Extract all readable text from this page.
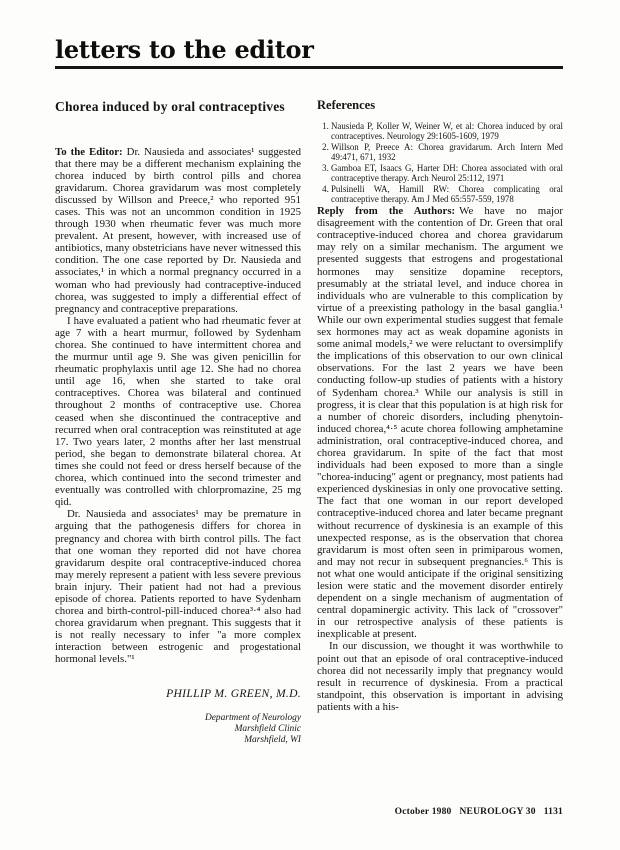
letters to the editor
Chorea induced by oral contraceptives

To the Editor: Dr. Nausieda and associates¹ suggested that there may be a different mechanism explaining the chorea induced by birth control pills and chorea gravidarum. Chorea gravidarum was most completely discussed by Willson and Preece,² who reported 951 cases. This was not an uncommon condition in 1925 through 1930 when rheumatic fever was much more prevalent. At present, however, with increased use of antibiotics, many obstetricians have never witnessed this condition. The one case reported by Dr. Nausieda and associates,¹ in which a normal pregnancy occurred in a woman who had previously had contraceptive-induced chorea, was suggested to imply a differential effect of pregnancy and contraceptive preparations.

I have evaluated a patient who had rheumatic fever at age 7 with a heart murmur, followed by Sydenham chorea. She continued to have intermittent chorea and the murmur until age 9. She was given penicillin for rheumatic prophylaxis until age 12. She had no chorea until age 16, when she started to take oral contraceptives. Chorea was bilateral and continued throughout 2 months of contraceptive use. Chorea ceased when she discontinued the contraceptive and recurred when oral contraception was reinstituted at age 17. Two years later, 2 months after her last menstrual period, she began to demonstrate bilateral chorea. At times she could not feed or dress herself because of the chorea, which continued into the second trimester and eventually was controlled with chlorpromazine, 25 mg qid.

Dr. Nausieda and associates¹ may be premature in arguing that the pathogenesis differs for chorea in pregnancy and chorea with birth control pills. The fact that one woman they reported did not have chorea gravidarum despite oral contraceptive-induced chorea may merely represent a patient with less severe previous brain injury. Their patient had not had a previous episode of chorea. Patients reported to have Sydenham chorea and birth-control-pill-induced chorea³·⁴ also had chorea gravidarum when pregnant. This suggests that it is not really necessary to infer "a more complex interaction between estrogenic and progestational hormonal levels."¹

PHILLIP M. GREEN, M.D.

Department of Neurology
Marshfield Clinic
Marshfield, WI
References
1. Nausieda P, Koller W, Weiner W, et al: Chorea induced by oral contraceptives. Neurology 29:1605-1609, 1979
2. Willson P, Preece A: Chorea gravidarum. Arch Intern Med 49:471, 671, 1932
3. Gamboa ET, Isaacs G, Harter DH: Chorea associated with oral contraceptive therapy. Arch Neurol 25:112, 1971
4. Pulsinelli WA, Hamill RW: Chorea complicating oral contraceptive therapy. Am J Med 65:557-559, 1978

Reply from the Authors: We have no major disagreement with the contention of Dr. Green that oral contraceptive-induced chorea and chorea gravidarum may rely on a similar mechanism. The argument we presented suggests that estrogens and progestational hormones may sensitize dopamine receptors, presumably at the striatal level, and induce chorea in individuals who are vulnerable to this complication by virtue of a preexisting pathology in the basal ganglia.¹ While our own experimental studies suggest that female sex hormones may act as weak dopamine agonists in some animal models,² we were reluctant to oversimplify the implications of this observation to our own clinical observations. For the last 2 years we have been conducting follow-up studies of patients with a history of Sydenham chorea.³ While our analysis is still in progress, it is clear that this population is at high risk for a number of choreic disorders, including phenytoin-induced chorea,⁴·⁵ acute chorea following amphetamine administration, oral contraceptive-induced chorea, and chorea gravidarum. In spite of the fact that most individuals had been exposed to more than a single "chorea-inducing" agent or pregnancy, most patients had experienced dyskinesias in only one provocative setting. The fact that one woman in our report developed contraceptive-induced chorea and later became pregnant without recurrence of dyskinesia is an example of this unexpected response, as is the observation that chorea gravidarum is most often seen in primiparous women, and may not recur in subsequent pregnancies.⁶ This is not what one would anticipate if the original sensitizing lesion were static and the movement disorder entirely dependent on a single mechanism of augmentation of central dopaminergic activity. This lack of "crossover" in our retrospective analysis of these patients is inexplicable at present.

In our discussion, we thought it was worthwhile to point out that an episode of oral contraceptive-induced chorea did not necessarily imply that pregnancy would result in recurrence of dyskinesia. From a practical standpoint, this observation is important in advising patients with a his-

October 1980 NEUROLOGY 30 1131
